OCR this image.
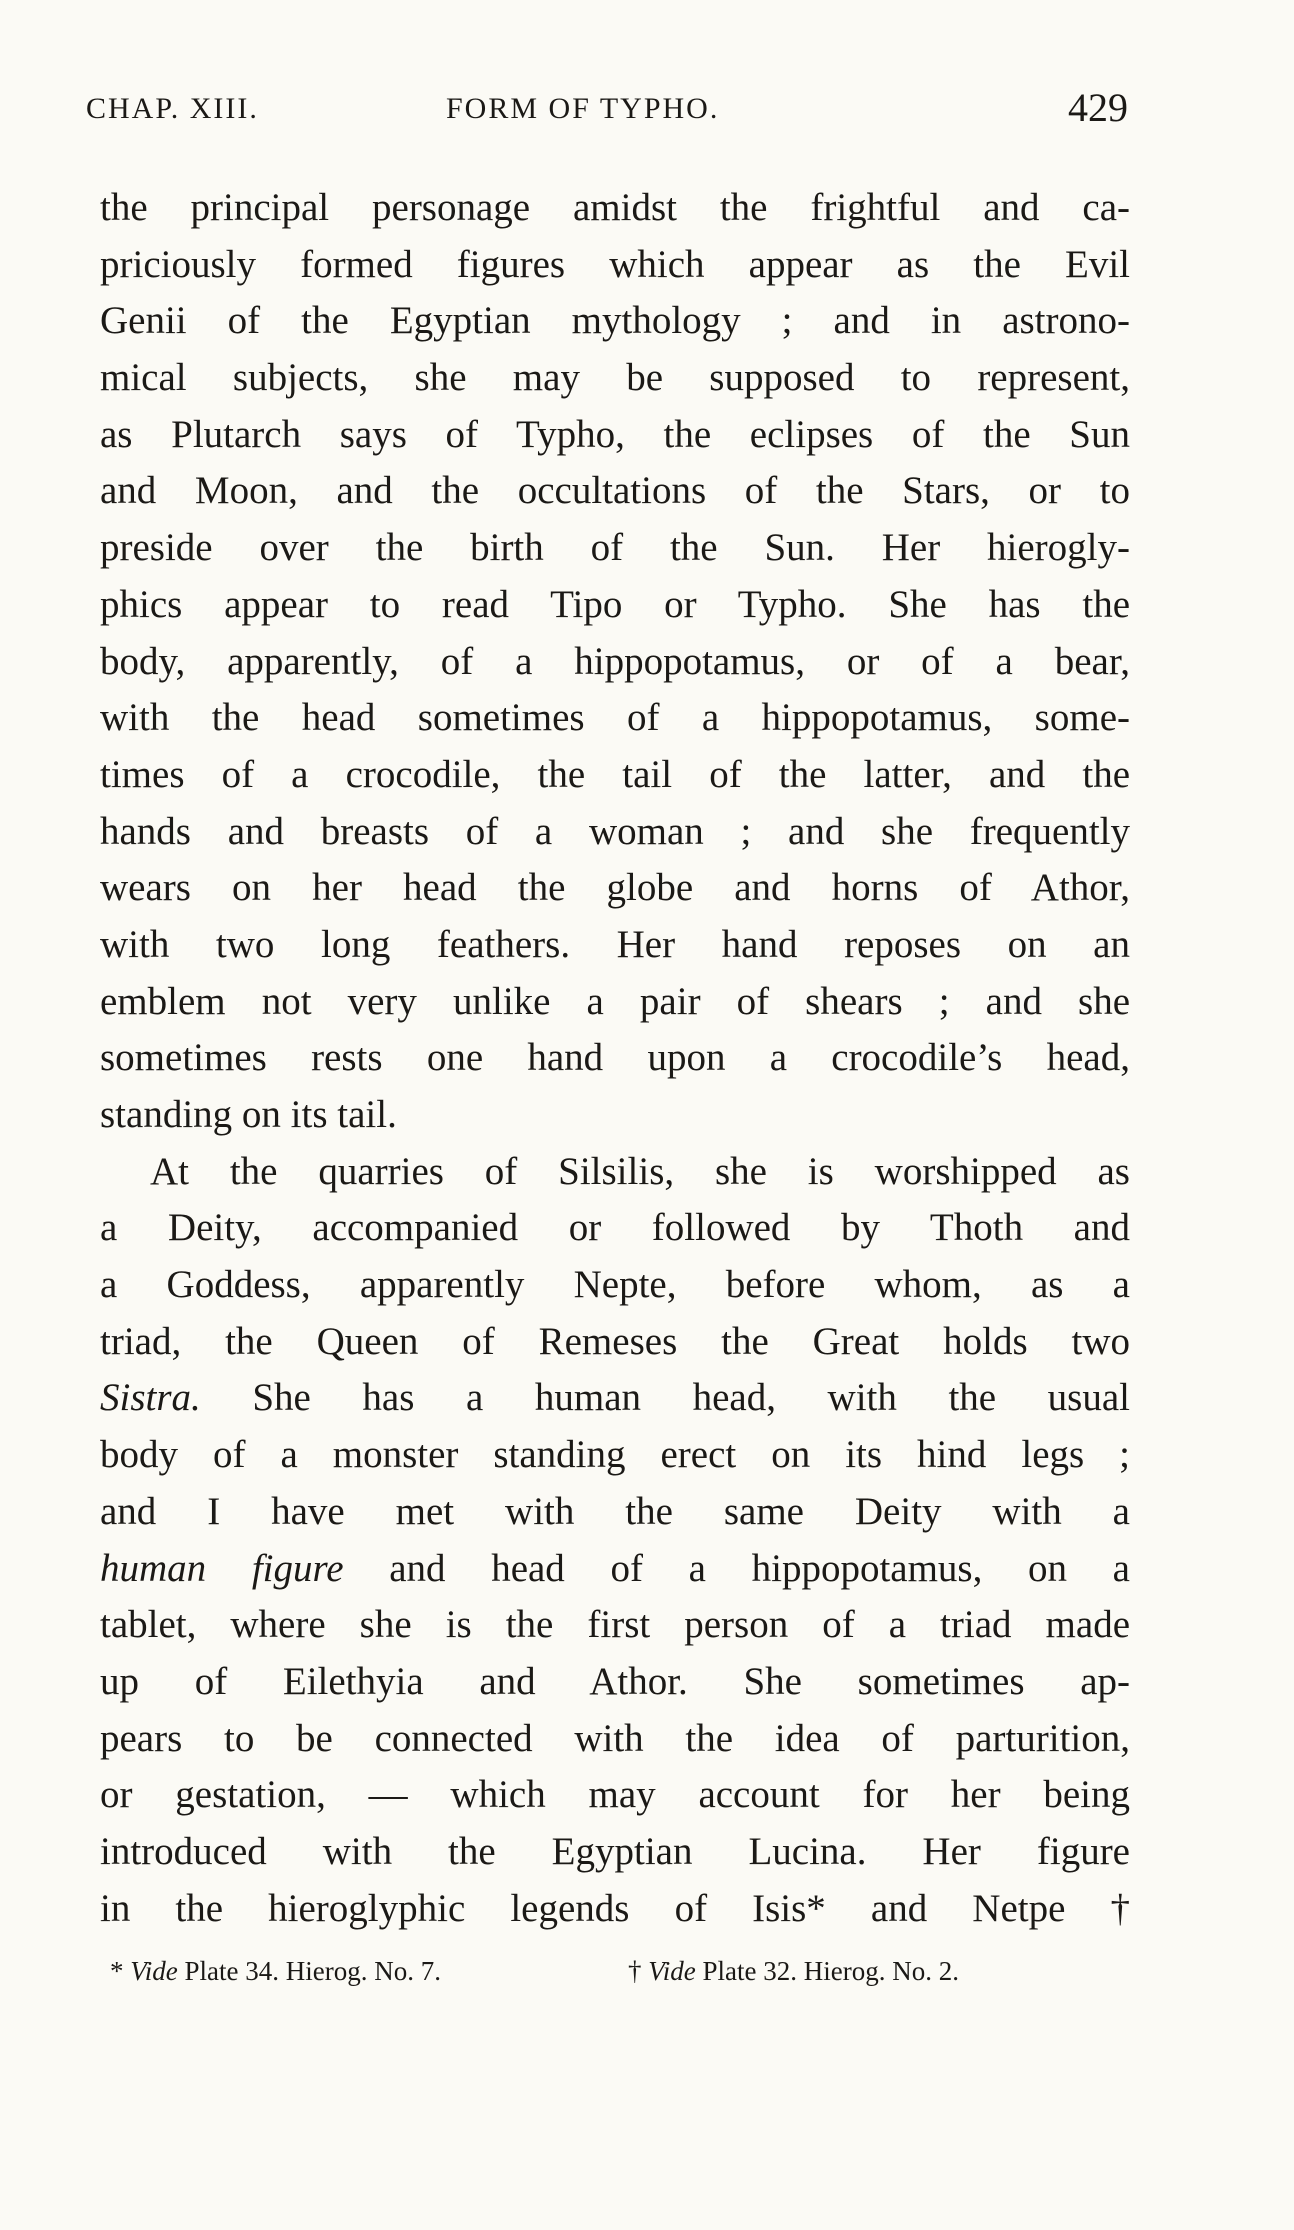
CHAP. XIII.	FORM OF TYPHO.	429
the principal personage amidst the frightful and ca-
priciously formed figures which appear as the Evil
Genii of the Egyptian mythology ; and in astrono-
mical subjects, she may be supposed to represent,
as Plutarch says of Typho, the eclipses of the Sun
and Moon, and the occultations of the Stars, or to
preside over the birth of the Sun. Her hierogly-
phics appear to read Tipo or Typho. She has the
body, apparently, of a hippopotamus, or of a bear,
with the head sometimes of a hippopotamus, some-
times of a crocodile, the tail of the latter, and the
hands and breasts of a woman ; and she frequently
wears on her head the globe and horns of Athor,
with two long feathers. Her hand reposes on an
emblem not very unlike a pair of shears ; and she
sometimes rests one hand upon a crocodile’s head,
standing on its tail.
At the quarries of Silsilis, she is worshipped as
a Deity, accompanied or followed by Thoth and
a Goddess, apparently Nepte, before whom, as a
triad, the Queen of Remeses the Great holds two
Sistra. She has a human head, with the usual
body of a monster standing erect on its hind legs ;
and I have met with the same Deity with a
human figure and head of a hippopotamus, on a
tablet, where she is the first person of a triad made
up of Eilethyia and Athor. She sometimes ap-
pears to be connected with the idea of parturition,
or gestation, — which may account for her being
introduced with the Egyptian Lucina. Her figure
in the hieroglyphic legends of Isis* and Netpe †
* Vide Plate 34. Hierog. No. 7.	† Vide Plate 32. Hierog. No. 2.
